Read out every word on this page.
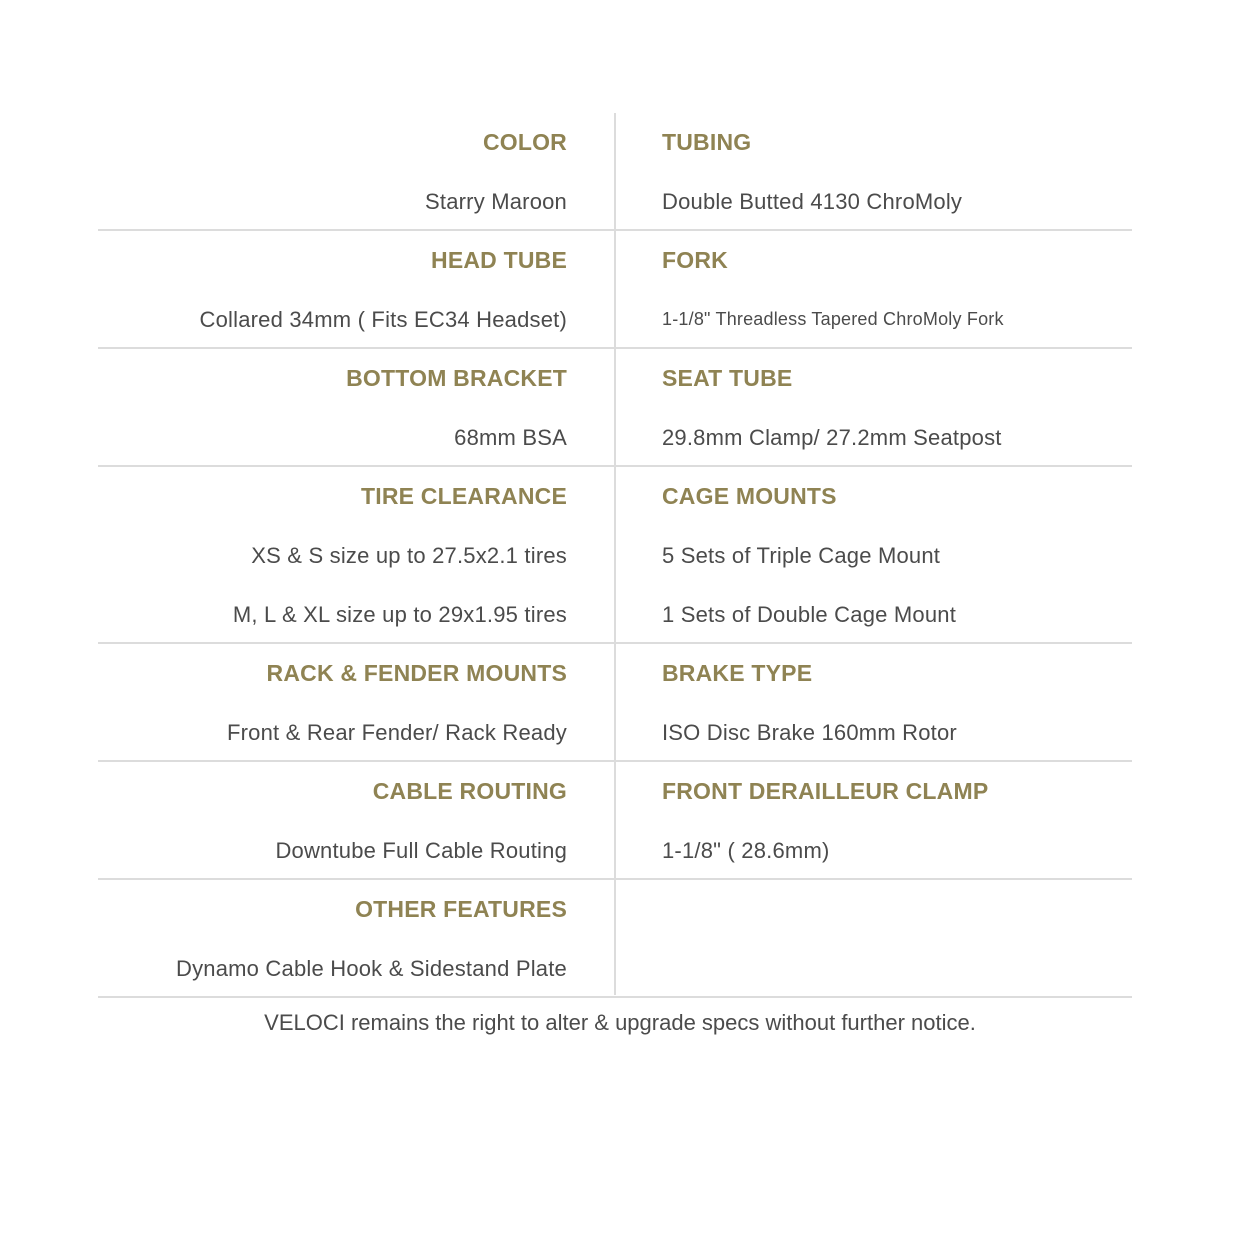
COLOR
Starry Maroon
TUBING
Double Butted 4130 ChroMoly
HEAD TUBE
Collared 34mm ( Fits EC34 Headset)
FORK
1-1/8" Threadless Tapered ChroMoly Fork
BOTTOM BRACKET
68mm BSA
SEAT TUBE
29.8mm Clamp/ 27.2mm Seatpost
TIRE CLEARANCE
XS & S size up to 27.5x2.1 tires
M, L & XL size up to 29x1.95 tires
CAGE MOUNTS
5 Sets of Triple Cage Mount
1 Sets of Double Cage Mount
RACK & FENDER MOUNTS
Front & Rear Fender/ Rack Ready
BRAKE TYPE
ISO Disc Brake 160mm Rotor
CABLE ROUTING
Downtube Full Cable Routing
FRONT DERAILLEUR CLAMP
1-1/8" ( 28.6mm)
OTHER FEATURES
Dynamo Cable Hook & Sidestand Plate
VELOCI remains the right to alter & upgrade specs without further notice.
